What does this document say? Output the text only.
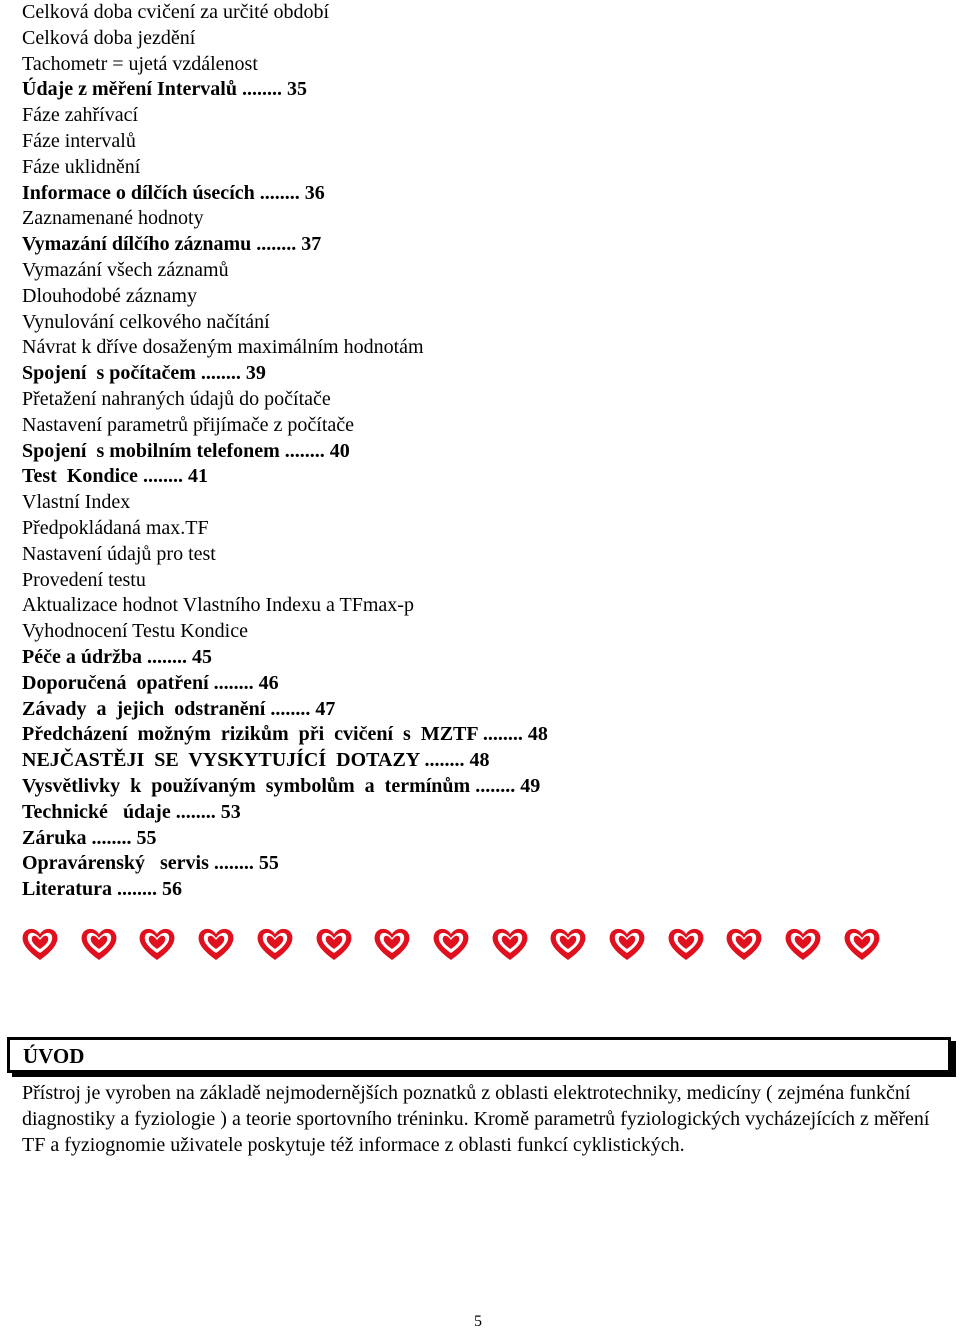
Celková doba cvičení za určité období
Celková doba jezdění
Tachometr = ujetá vzdálenost
Údaje z měření Intervalů ........ 35
Fáze zahřívací
Fáze intervalů
Fáze uklidnění
Informace o dílčích úsecích ........ 36
Zaznamenané hodnoty
Vymazání dílčího záznamu ........ 37
Vymazání všech záznamů
Dlouhodobé záznamy
Vynulování celkového načítání
Návrat k dříve dosaženým maximálním hodnotám
Spojení  s počítačem ........ 39
Přetažení nahraných údajů do počítače
Nastavení parametrů přijímače z počítače
Spojení  s mobilním telefonem ........ 40
Test  Kondice ........ 41
Vlastní Index
Předpokládaná max.TF
Nastavení údajů pro test
Provedení testu
Aktualizace hodnot Vlastního Indexu a TFmax-p
Vyhodnocení Testu Kondice
Péče a údržba ........ 45
Doporučená  opatření ........ 46
Závady  a  jejich  odstranění ........ 47
Předcházení  možným  rizikům  při  cvičení  s  MZTF ........ 48
NEJČASTĚJI  SE  VYSKYTUJÍCÍ  DOTAZY ........ 48
Vysvětlivky  k  používaným  symbolům  a  termínům ........ 49
Technické   údaje ........ 53
Záruka ........ 55
Opravárenský   servis ........ 55
Literatura ........ 56
ÚVOD
Přístroj je vyroben na základě nejmodernějších poznatků z oblasti elektrotechniky, medicíny ( zejména funkční diagnostiky a fyziologie ) a teorie sportovního tréninku. Kromě parametrů fyziologických vycházejících z měření TF a fyziognomie uživatele poskytuje též informace z oblasti funkcí cyklistických.
5
